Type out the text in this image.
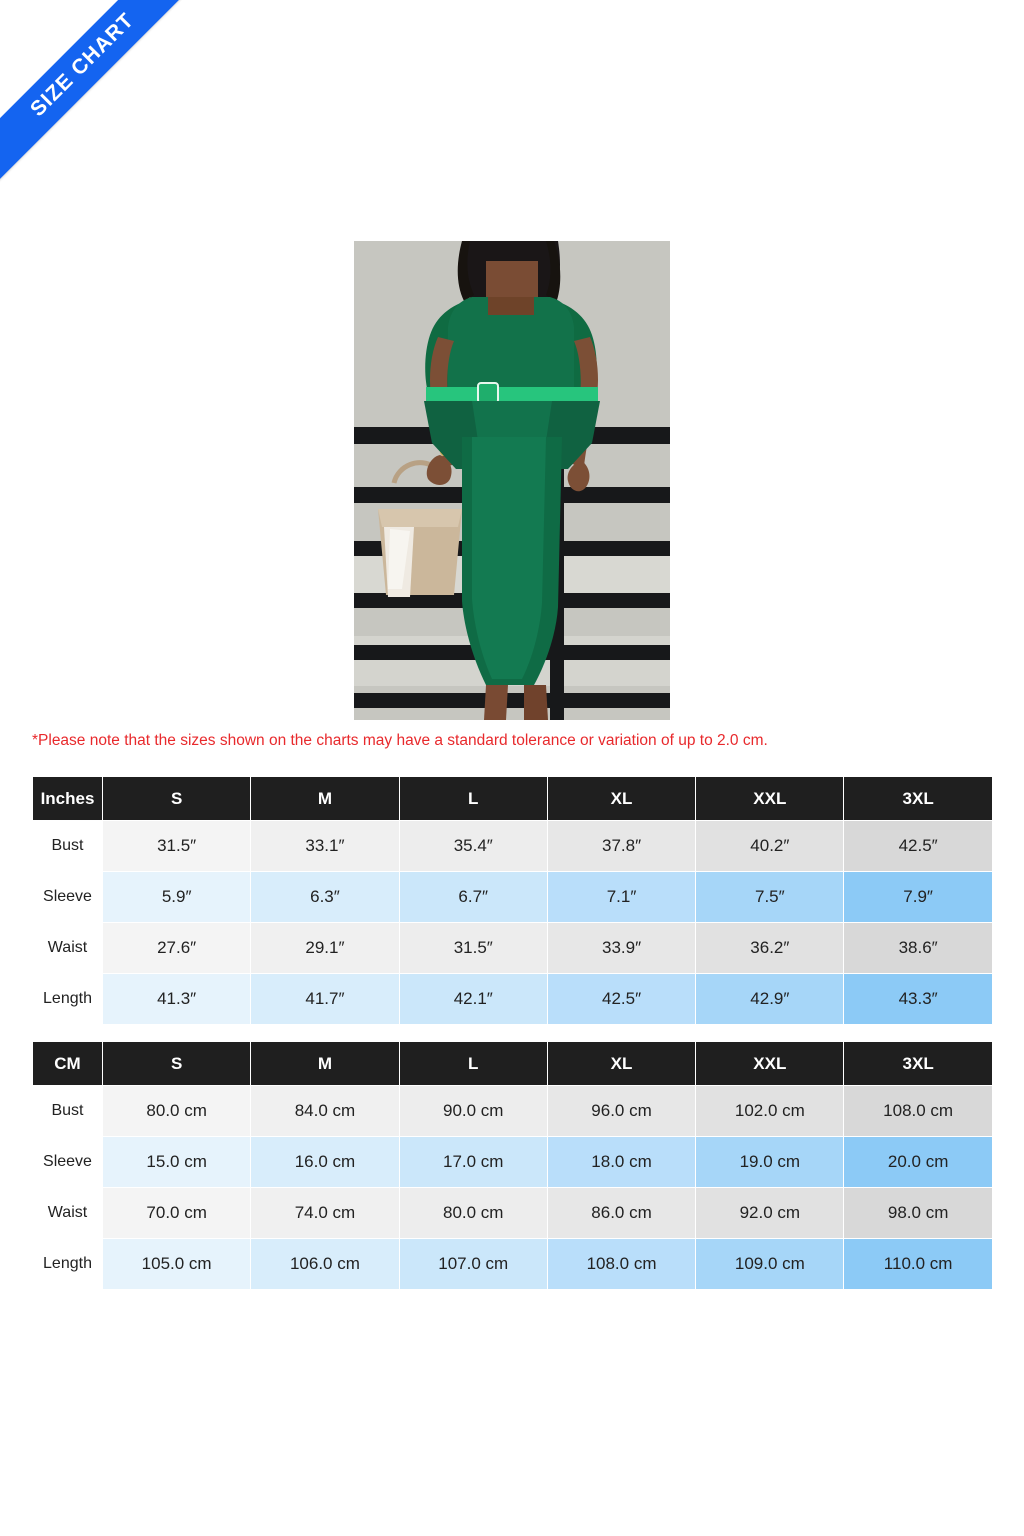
SIZE CHART
*Please note that the sizes shown on the charts may have a standard tolerance or variation of up to 2.0 cm.
Inches	S	M	L	XL	XXL	3XL
Bust	31.5″	33.1″	35.4″	37.8″	40.2″	42.5″
Sleeve	5.9″	6.3″	6.7″	7.1″	7.5″	7.9″
Waist	27.6″	29.1″	31.5″	33.9″	36.2″	38.6″
Length	41.3″	41.7″	42.1″	42.5″	42.9″	43.3″
CM	S	M	L	XL	XXL	3XL
Bust	80.0 cm	84.0 cm	90.0 cm	96.0 cm	102.0 cm	108.0 cm
Sleeve	15.0 cm	16.0 cm	17.0 cm	18.0 cm	19.0 cm	20.0 cm
Waist	70.0 cm	74.0 cm	80.0 cm	86.0 cm	92.0 cm	98.0 cm
Length	105.0 cm	106.0 cm	107.0 cm	108.0 cm	109.0 cm	110.0 cm
